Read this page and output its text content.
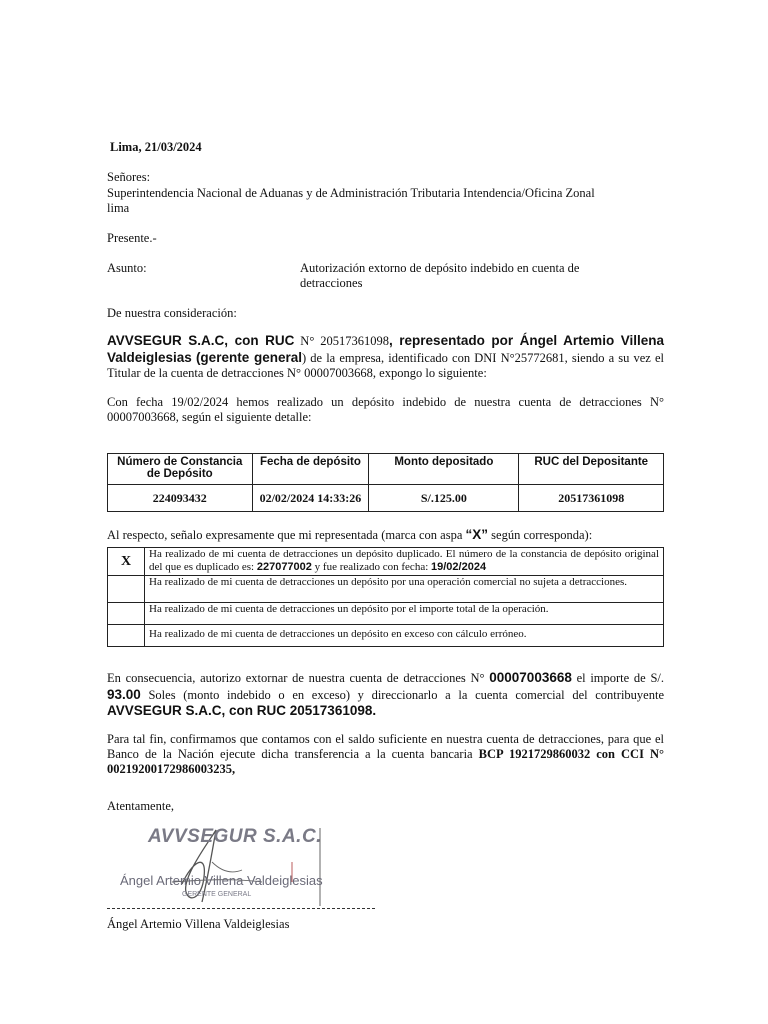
Lima, 21/03/2024
Señores:
Superintendencia Nacional de Aduanas y de Administración Tributaria Intendencia/Oficina Zonal
lima
Presente.-
Asunto:	Autorización extorno de depósito indebido en cuenta de
detracciones
De nuestra consideración:

AVVSEGUR S.A.C, con RUC N° 20517361098, representado por Ángel Artemio Villena Valdeiglesias (gerente general) de la empresa, identificado con DNI N°25772681, siendo a su vez el Titular de la cuenta de detracciones N° 00007003668, expongo lo siguiente:

Con fecha 19/02/2024 hemos realizado un depósito indebido de nuestra cuenta de detracciones N° 00007003668, según el siguiente detalle:

Número de Constancia de Depósito	Fecha de depósito	Monto depositado	RUC del Depositante
224093432	02/02/2024 14:33:26	S/.125.00	20517361098
Al respecto, señalo expresamente que mi representada (marca con aspa “X” según corresponda):
X	Ha realizado de mi cuenta de detracciones un depósito duplicado. El número de la constancia de depósito original del que es duplicado es: 227077002 y fue realizado con fecha: 19/02/2024
	Ha realizado de mi cuenta de detracciones un depósito por una operación comercial no sujeta a detracciones.
	Ha realizado de mi cuenta de detracciones un depósito por el importe total de la operación.
	Ha realizado de mi cuenta de detracciones un depósito en exceso con cálculo erróneo.

En consecuencia, autorizo extornar de nuestra cuenta de detracciones N° 00007003668 el importe de S/. 93.00 Soles (monto indebido o en exceso) y direccionarlo a la cuenta comercial del contribuyente AVVSEGUR S.A.C, con RUC 20517361098.

Para tal fin, confirmamos que contamos con el saldo suficiente en nuestra cuenta de detracciones, para que el Banco de la Nación ejecute dicha transferencia a la cuenta bancaria BCP 1921729860032 con CCI N° 00219200172986003235,

Atentamente,
AVVSEGUR S.A.C.
Ángel Artemio Villena Valdeiglesias
GERENTE GENERAL
Ángel Artemio Villena Valdeiglesias
